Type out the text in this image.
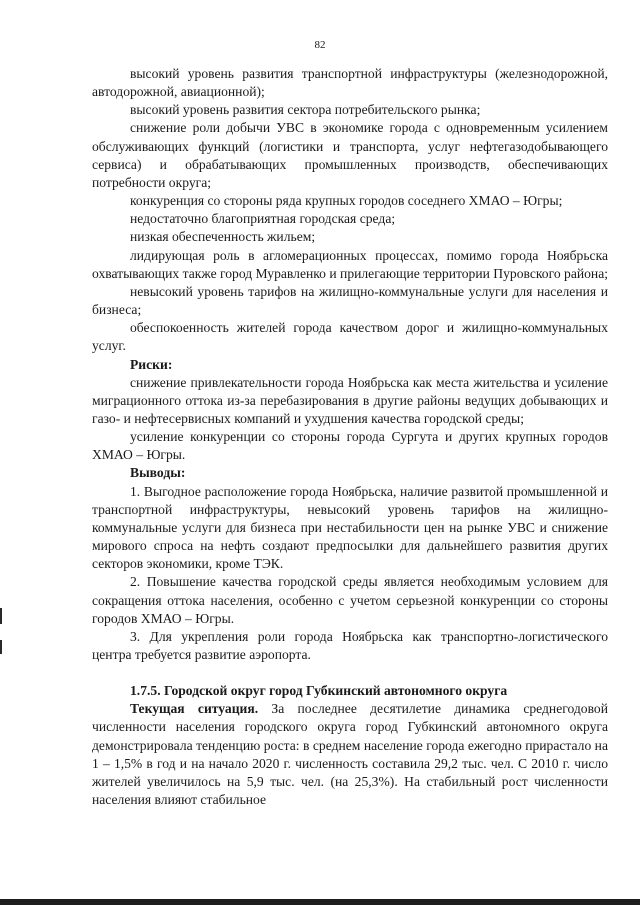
82

высокий уровень развития транспортной инфраструктуры (железнодорожной, автодорожной, авиационной);

высокий уровень развития сектора потребительского рынка;

снижение роли добычи УВС в экономике города с одновременным усилением обслуживающих функций (логистики и транспорта, услуг нефтегазодобывающего сервиса) и обрабатывающих промышленных производств, обеспечивающих потребности округа;

конкуренция со стороны ряда крупных городов соседнего ХМАО – Югры;

недостаточно благоприятная городская среда;

низкая обеспеченность жильем;

лидирующая роль в агломерационных процессах, помимо города Ноябрьска охватывающих также город Муравленко и прилегающие территории Пуровского района;

невысокий уровень тарифов на жилищно-коммунальные услуги для населения и бизнеса;

обеспокоенность жителей города качеством дорог и жилищно-коммунальных услуг.

Риски:

снижение привлекательности города Ноябрьска как места жительства и усиление миграционного оттока из-за перебазирования в другие районы ведущих добывающих и газо- и нефтесервисных компаний и ухудшения качества городской среды;

усиление конкуренции со стороны города Сургута и других крупных городов ХМАО – Югры.

Выводы:

1. Выгодное расположение города Ноябрьска, наличие развитой промышленной и транспортной инфраструктуры, невысокий уровень тарифов на жилищно-коммунальные услуги для бизнеса при нестабильности цен на рынке УВС и снижение мирового спроса на нефть создают предпосылки для дальнейшего развития других секторов экономики, кроме ТЭК.

2. Повышение качества городской среды является необходимым условием для сокращения оттока населения, особенно с учетом серьезной конкуренции со стороны городов ХМАО – Югры.

3. Для укрепления роли города Ноябрьска как транспортно-логистического центра требуется развитие аэропорта.

1.7.5. Городской округ город Губкинский автономного округа

Текущая ситуация. За последнее десятилетие динамика среднегодовой численности населения городского округа город Губкинский автономного округа демонстрировала тенденцию роста: в среднем население города ежегодно прирастало на 1 – 1,5% в год и на начало 2020 г. численность составила 29,2 тыс. чел. С 2010 г. число жителей увеличилось на 5,9 тыс. чел. (на 25,3%). На стабильный рост численности населения влияют стабильное
